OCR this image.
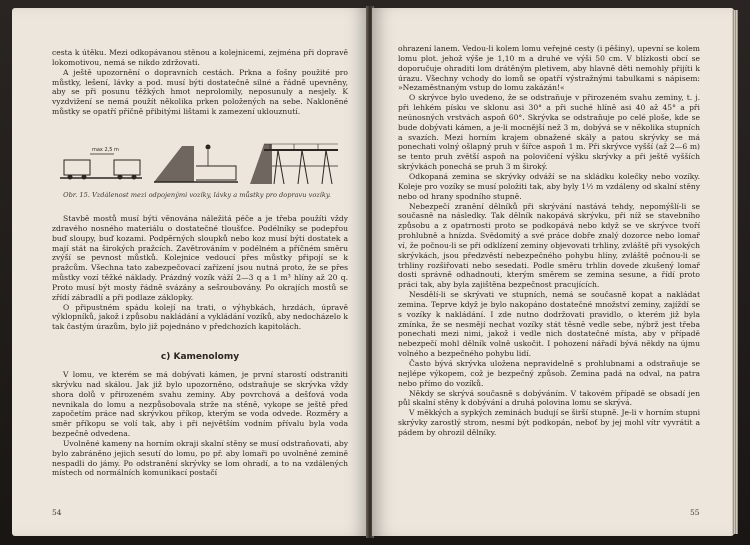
cesta k útěku. Mezi odkopávanou stěnou a kolejnicemi, zejména při dopravě lokomotivou, nemá se nikdo zdržovati.

A ještě upozornění o dopravních cestách. Prkna a fošny použité pro můstky, lešení, lávky a pod. musí býti dostatečně silné a řádně upevněny, aby se při posunu těžkých hmot neprolomily, neposunuly a nesjely. K vyzdvižení se nemá použít několika prken položených na sebe. Nakloněné můstky se opatří příčně přibitými lištami k zamezení uklouznutí.

max 2,5 m
Obr. 15. Vzdálenost mezi odpojenými vozíky, lávky a můstky pro dopravu vozíky.

Stavbě mostů musí býti věnována náležitá péče a je třeba použíti vždy zdravého nosného materiálu o dostatečné tloušťce. Podélníky se podepřou buď sloupy, buď kozami. Podpěrných sloupků nebo koz musí býti dostatek a mají stát na širokých pražcích. Zavětrováním v podélném a příčném směru zvýší se pevnost můstků. Kolejnice vedoucí přes můstky připojí se k pražcům. Všechna tato zabezpečovací zařízení jsou nutná proto, že se přes můstky vozí těžké náklady. Prázdný vozík váží 2—3 q a 1 m³ hlíny až 20 q. Proto musí být mosty řádně svázány a sešroubovány. Po okrajích mostů se zřídí zábradlí a při podlaze záklopky.

O připustném spádu kolejí na trati, o výhybkách, hrzdách, úpravě výklopníků, jakož i způsobu nakládání a vykládání vozíků, aby nedocházelo k tak častým úrazům, bylo již pojednáno v předchozích kapitolách.

c) Kamenolomy

V lomu, ve kterém se má dobývati kámen, je první starostí odstraniti skrývku nad skálou. Jak již bylo upozorněno, odstraňuje se skrývka vždy shora dolů v přirozeném svahu zeminy. Aby povrchová a dešťová voda nevnikala do lomu a nezpůsobovala strže na stěně, vykope se ještě před započetím práce nad skrývkou příkop, kterým se voda odvede. Rozměry a směr příkopu se volí tak, aby i při největším vodním přívalu byla voda bezpečně odvedena.

Uvolněné kameny na horním okraji skalní stěny se musí odstraňovati, aby bylo zabráněno jejich sesutí do lomu, po př. aby lomaři po uvolněné zemině nespadli do jámy. Po odstranění skrývky se lom ohradí, a to na vzdálených místech od normálních komunikací postačí

54

ohrazení lanem. Vedou-li kolem lomu veřejné cesty (i pěšiny), upevní se kolem lomu plot. jehož výše je 1,10 m a druhé ve výši 50 cm. V blízkosti obcí se doporučuje ohraditi lom drátěným pletivem, aby hlavně děti nemohly přijíti k úrazu. Všechny vchody do lomů se opatří výstražnými tabulkami s nápisem: »Nezaměstnaným vstup do lomu zakázán!«

O skrývce bylo uvedeno, že se odstraňuje v přirozeném svahu zeminy, t. j. při lehkém písku ve sklonu asi 30° a při suché hlíně asi 40 až 45° a při neúnosných vrstvách aspoň 60°. Skrývka se odstraňuje po celé ploše, kde se bude dobývati kámen, a je-li mocnější než 3 m, dobývá se v několika stupních a svazích. Mezi horním krajem obnažené skály a patou skrývky se má ponechati volný ošlapný pruh v šířce aspoň 1 m. Při skrývce vyšší (až 2—6 m) se tento pruh zvětší aspoň na polovičení výšku skrývky a při ještě vyšších skrývkách ponechá se pruh 3 m široký.

Odkopaná zemina se skrývky odváží se na skládku kolečky nebo vozíky. Koleje pro vozíky se musí položiti tak, aby byly 1½ m vzdáleny od skalní stěny nebo od hrany spodního stupně.

Nebezpečí zranění dělníků při skrývání nastává tehdy, nepomýšlí-li se současně na následky. Tak dělník nakopává skrývku, při níž se stavebního způsobu a z opatrnosti proto se podkopává nebo když se ve skrývce tvoří prohlubně a hnízda. Svědomitý a své práce dobře znalý dozorce nebo lomař ví, že počnou-li se při odklízení zeminy objevovati trhliny, zvláště při vysokých skrývkách, jsou předzvěstí nebezpečného pohybu hlíny, zvláště počnou-li se trhliny rozšiřovati nebo sesedati. Podle směru trhlin dovede zkušený lomař dosti správně odhadnouti, kterým směrem se zemina sesune, a řídí proto práci tak, aby byla zajištěna bezpečnost pracujících.

Nesdělí-li se skrývati ve stupních, nemá se současně kopat a nakládat zemina. Teprve když je bylo nakopáno dostatečné množství zeminy, zajíždí se s vozíky k nakládání. I zde nutno dodržovati pravidlo, o kterém již byla zmínka, že se nesmějí nechat vozíky stát těsně vedle sebe, nýbrž jest třeba ponechati mezi nimi, jakož i vedle nich dostatečné místa, aby v případě nebezpečí mohl dělník volně uskočit. I pohození nářadí bývá někdy na újmu volného a bezpečného pohybu lidí.

Často bývá skrývka uložena nepravidelně s prohlubnami a odstraňuje se nejlépe výkopem, což je bezpečný způsob. Zemina padá na odval, na patra nebo přímo do vozíků.

Někdy se skrývá současně s dobýváním. V takovém případě se obsadí jen půl skalní stěny k dobývání a druhá polovina lomu se skrývá.

V měkkých a sypkých zeminách budují se širší stupně. Je-li v horním stupni skrývky zarostlý strom, nesmí být podkopán, neboť by jej mohl vítr vyvrátit a pádem by ohrozil dělníky.

55
